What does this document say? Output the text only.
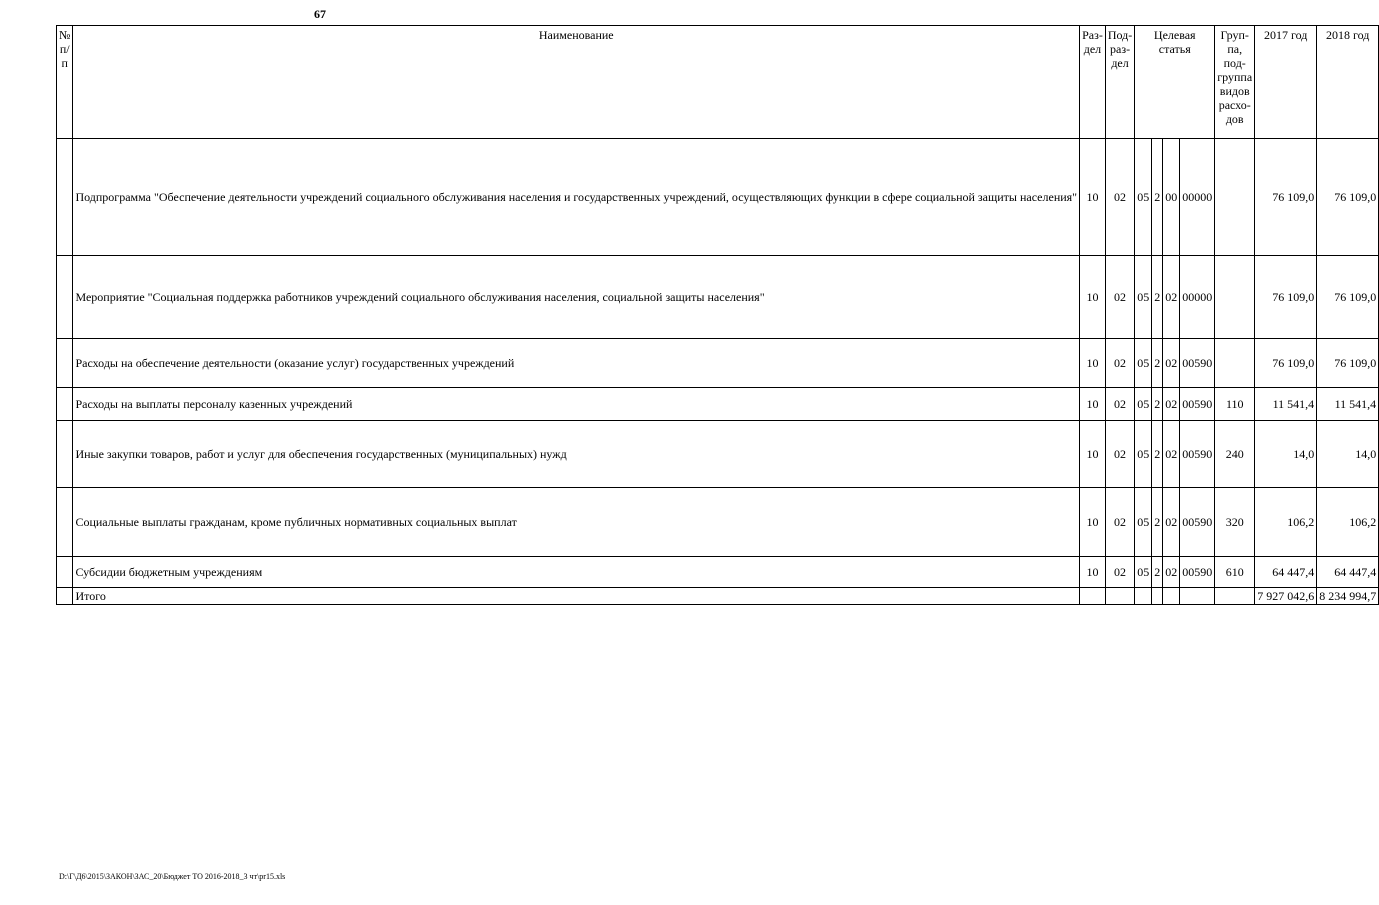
67
№ п/ п	Наименование	Раз-дел	Под-раз-дел	Целевая статья				Груп-па, под-группа видов расхо-дов	2017 год	2018 год
	Подпрограмма "Обеспечение деятельности учреждений социального обслуживания населения и государственных учреждений, осуществляющих функции в сфере социальной защиты населения"	10	02	05	2	00	00000		76 109,0	76 109,0
	Мероприятие "Социальная поддержка работников учреждений социального обслуживания населения, социальной защиты населения"	10	02	05	2	02	00000		76 109,0	76 109,0
	Расходы на обеспечение деятельности (оказание услуг) государственных учреждений	10	02	05	2	02	00590		76 109,0	76 109,0
	Расходы на выплаты персоналу казенных учреждений	10	02	05	2	02	00590	110	11 541,4	11 541,4
	Иные закупки товаров, работ и услуг для обеспечения государственных (муниципальных) нужд	10	02	05	2	02	00590	240	14,0	14,0
	Социальные выплаты гражданам, кроме публичных нормативных социальных выплат	10	02	05	2	02	00590	320	106,2	106,2
	Субсидии бюджетным учреждениям	10	02	05	2	02	00590	610	64 447,4	64 447,4
	Итого								7 927 042,6	8 234 994,7
D:\Г\Д6\2015\ЗАКОН\ЗАС_20\Бюджет ТО 2016-2018_3 чт\pr15.xls
